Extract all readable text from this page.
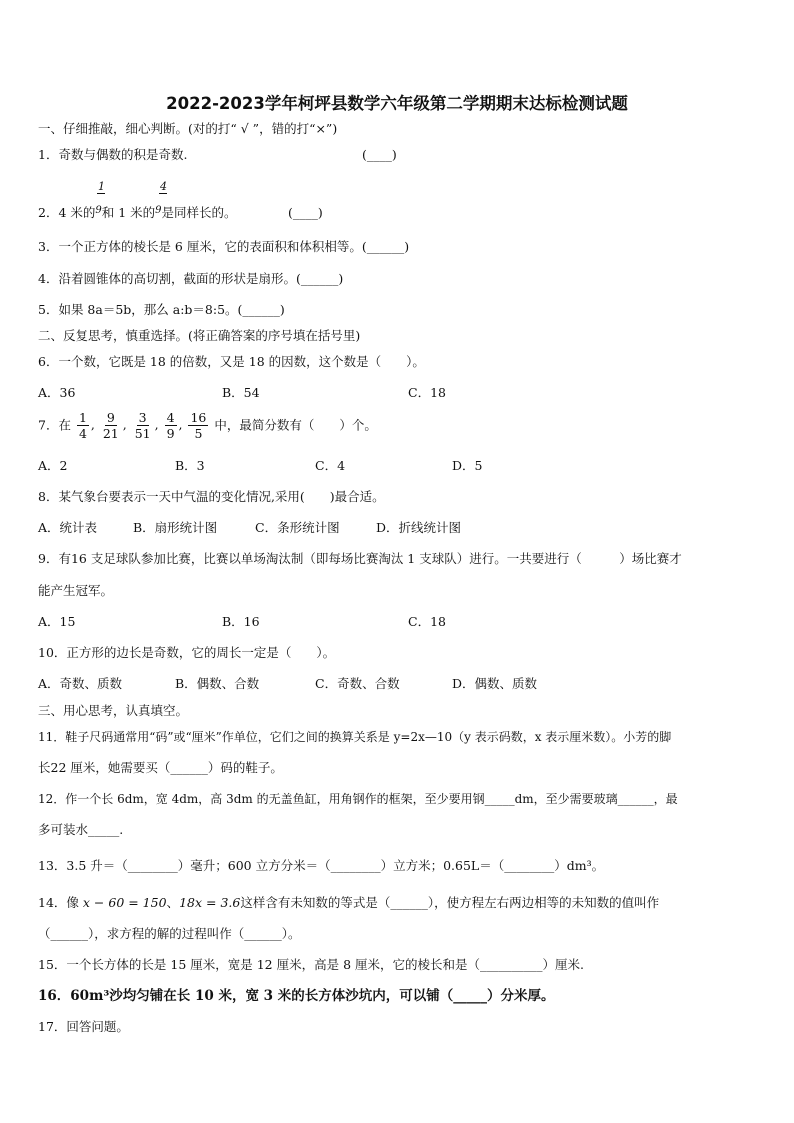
2022-2023学年柯坪县数学六年级第二学期期末达标检测试题
一、仔细推敲，细心判断。(对的打“ √ ”，错的打“×”)
1．奇数与偶数的积是奇数.	(____)
1	4
2．4 米的$^9$和 1 米的$^9$是同样长的。	(____)
3．一个正方体的棱长是 6 厘米，它的表面积和体积相等。(______)
4．沿着圆锥体的高切割，截面的形状是扇形。(______)
5．如果 8a＝5b，那么 a:b＝8:5。(______)
二、反复思考，慎重选择。(将正确答案的序号填在括号里)
6．一个数，它既是 18 的倍数，又是 18 的因数，这个数是（　　）。
A．36	B．54	C．18
7．在 $\frac{1}{4}$ , $\frac{9}{21}$ , $\frac{3}{51}$ , $\frac{4}{9}$ , $\frac{16}{5}$ 中，最简分数有（　　）个。
A．2	B．3	C．4	D．5
8．某气象台要表示一天中气温的变化情况,采用(　　)最合适。
A．统计表	B．扇形统计图	C．条形统计图	D．折线统计图
9．有16 支足球队参加比赛，比赛以单场淘汰制（即每场比赛淘汰 1 支球队）进行。一共要进行（　　　）场比赛才
能产生冠军。
A．15	B．16	C．18
10．正方形的边长是奇数，它的周长一定是（　　）。
A．奇数、质数	B．偶数、合数	C．奇数、合数	D．偶数、质数
三、用心思考，认真填空。
11．鞋子尺码通常用“码”或“厘米”作单位，它们之间的换算关系是 y=2x—10（y 表示码数，x 表示厘米数）。小芳的脚
长22 厘米，她需要买（______）码的鞋子。
12．作一个长 6dm，宽 4dm，高 3dm 的无盖鱼缸，用角钢作的框架，至少要用钢_____dm，至少需要玻璃______，最
多可装水_____.
13．3.5 升＝（________）毫升；600 立方分米＝（________）立方米；0.65L＝（________）dm³。
14．像 x − 60 = 150、18x = 3.6这样含有未知数的等式是（______），使方程左右两边相等的未知数的值叫作
（______），求方程的解的过程叫作（______）。
15．一个长方体的长是 15 厘米，宽是 12 厘米，高是 8 厘米，它的棱长和是（__________）厘米.
16．60m³沙均匀铺在长 10 米，宽 3 米的长方体沙坑内，可以铺（_____）分米厚。
17．回答问题。
